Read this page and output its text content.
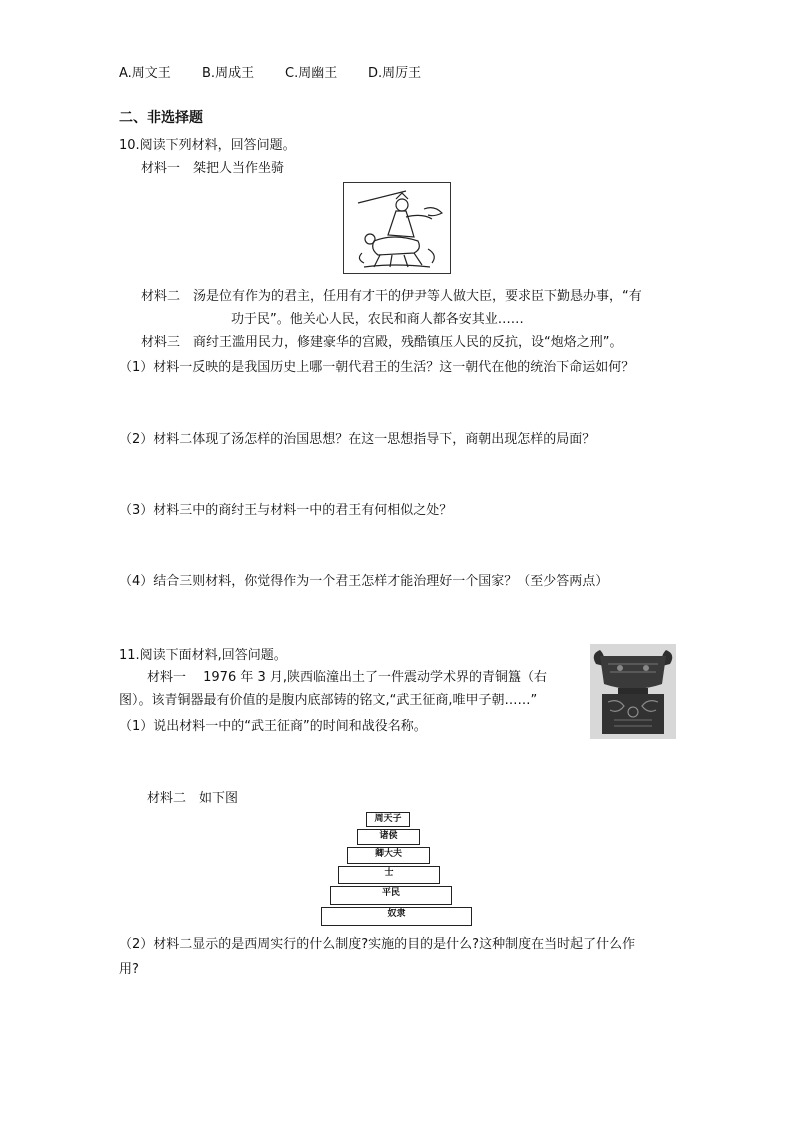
A.周文王 B.周成王 C.周幽王 D.周厉王
二、非选择题
10.阅读下列材料，回答问题。
材料一　桀把人当作坐骑
材料二　汤是位有作为的君主，任用有才干的伊尹等人做大臣，要求臣下勤恳办事，“有
功于民”。他关心人民，农民和商人都各安其业……
材料三　商纣王滥用民力，修建豪华的宫殿，残酷镇压人民的反抗，设“炮烙之刑”。
（1）材料一反映的是我国历史上哪一朝代君王的生活？这一朝代在他的统治下命运如何？
（2）材料二体现了汤怎样的治国思想？在这一思想指导下，商朝出现怎样的局面？
（3）材料三中的商纣王与材料一中的君王有何相似之处？
（4）结合三则材料，你觉得作为一个君王怎样才能治理好一个国家？（至少答两点）
11.阅读下面材料,回答问题。
材料一　 1976 年 3 月,陕西临潼出土了一件震动学术界的青铜簋（右
图）。该青铜器最有价值的是腹内底部铸的铭文,“武王征商,唯甲子朝……”
（1）说出材料一中的“武王征商”的时间和战役名称。
材料二　如下图
周天子
诸侯
卿大夫
士
平民
奴隶
（2）材料二显示的是西周实行的什么制度?实施的目的是什么?这种制度在当时起了什么作
用?
